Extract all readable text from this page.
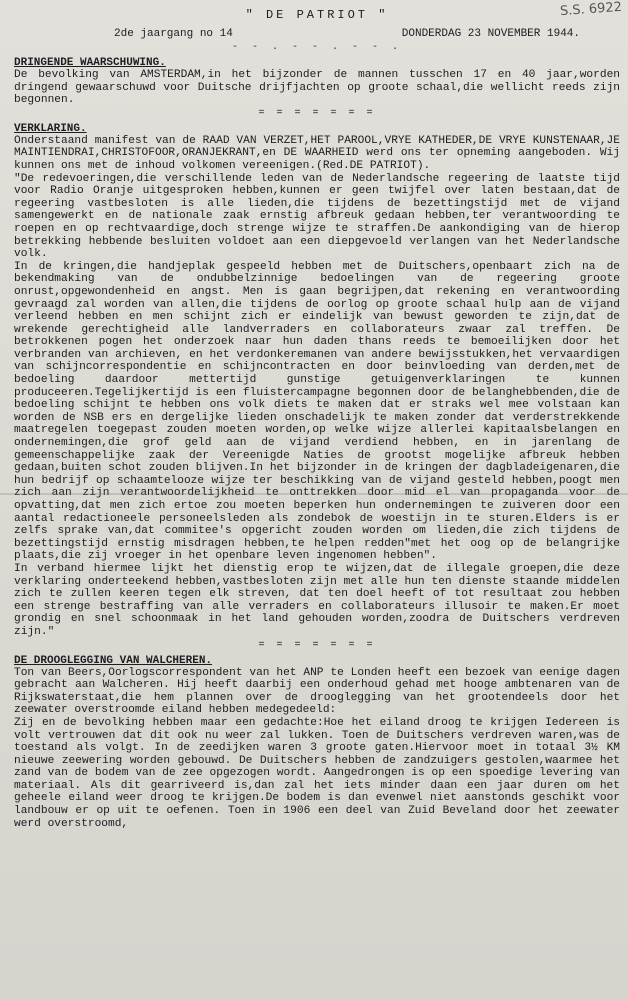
S.S. 6922
" DE PATRIOT "
2de jaargang no 14	DONDERDAG 23 NOVEMBER 1944.
- - . - - . - - .
DRINGENDE WAARSCHUWING.

De bevolking van AMSTERDAM,in het bijzonder de mannen tusschen 17 en 40 jaar,worden dringend gewaarschuwd voor Duitsche drijfjachten op groote schaal,die wellicht reeds zijn begonnen.

= = = = = = =
VERKLARING.

Onderstaand manifest van de RAAD VAN VERZET,HET PAROOL,VRYE KATHEDER,DE VRYE KUNSTENAAR,JE MAINTIENDRAI,CHRISTOFOOR,ORANJEKRANT,en DE WAARHEID werd ons ter opneming aangeboden. Wij kunnen ons met de inhoud volkomen vereenigen.(Red.DE PATRIOT).

"De redevoeringen,die verschillende leden van de Nederlandsche regeering de laatste tijd voor Radio Oranje uitgesproken hebben,kunnen er geen twijfel over laten bestaan,dat de regeering vastbesloten is alle lieden,die tijdens de bezettingstijd met de vijand samengewerkt en de nationale zaak ernstig afbreuk gedaan hebben,ter verantwoording te roepen en op rechtvaardige,doch strenge wijze te straffen.De aankondiging van de hierop betrekking hebbende besluiten voldoet aan een diepgevoeld verlangen van het Nederlandsche volk.

In de kringen,die handjeplak gespeeld hebben met de Duitschers,openbaart zich na de bekendmaking van de ondubbelzinnige bedoelingen van de regeering groote onrust,opgewondenheid en angst. Men is gaan begrijpen,dat rekening en verantwoording gevraagd zal worden van allen,die tijdens de oorlog op groote schaal hulp aan de vijand verleend hebben en men schijnt zich er eindelijk van bewust geworden te zijn,dat de wrekende gerechtigheid alle landverraders en collaborateurs zwaar zal treffen. De betrokkenen pogen het onderzoek naar hun daden thans reeds te bemoeilijken door het verbranden van archieven, en het verdonkeremanen van andere bewijsstukken,het vervaardigen van schijncorrespondentie en schijncontracten en door beinvloeding van derden,met de bedoeling daardoor mettertijd gunstige getuigenverklaringen te kunnen produceeren.Tegelijkertijd is een fluistercampagne begonnen door de belanghebbenden,die de bedoeling schijnt te hebben ons volk diets te maken dat er straks wel mee volstaan kan worden de NSB ers en dergelijke lieden onschadelijk te maken zonder dat verderstrekkende maatregelen toegepast zouden moeten worden,op welke wijze allerlei kapitaalsbelangen en ondernemingen,die grof geld aan de vijand verdiend hebben, en in jarenlang de gemeenschappelijke zaak der Vereenigde Naties de grootst mogelijke afbreuk hebben gedaan,buiten schot zouden blijven.In het bijzonder in de kringen der dagbladeigenaren,die hun bedrijf op schaamtelooze wijze ter beschikking van de vijand gesteld hebben,poogt men zich aan zijn verantwoordelijkheid te onttrekken door mid el van propaganda voor de opvatting,dat men zich ertoe zou moeten beperken hun ondernemingen te zuiveren door een aantal redactioneele personeelsleden als zondebok de woestijn in te sturen.Elders is er zelfs sprake van,dat commitee's opgericht zouden worden om lieden,die zich tijdens de bezettingstijd ernstig misdragen hebben,te helpen redden"met het oog op de belangrijke plaats,die zij vroeger in het openbare leven ingenomen hebben".

In verband hiermee lijkt het dienstig erop te wijzen,dat de illegale groepen,die deze verklaring onderteekend hebben,vastbesloten zijn met alle hun ten dienste staande middelen zich te zullen keeren tegen elk streven, dat ten doel heeft of tot resultaat zou hebben een strenge bestraffing van alle verraders en collaborateurs illusoir te maken.Er moet grondig en snel schoonmaak in het land gehouden worden,zoodra de Duitschers verdreven zijn."

= = = = = = =
DE DROOGLEGGING VAN WALCHEREN.

Ton van Beers,Oorlogscorrespondent van het ANP te Londen heeft een bezoek van eenige dagen gebracht aan Walcheren. Hij heeft daarbij een onderhoud gehad met hooge ambtenaren van de Rijkswaterstaat,die hem plannen over de drooglegging van het grootendeels door het zeewater overstroomde eiland hebben medegedeeld:

Zij en de bevolking hebben maar een gedachte:Hoe het eiland droog te krijgen Iedereen is volt vertrouwen dat dit ook nu weer zal lukken. Toen de Duitschers verdreven waren,was de toestand als volgt. In de zeedijken waren 3 groote gaten.Hiervoor moet in totaal 3½ KM nieuwe zeewering worden gebouwd. De Duitschers hebben de zandzuigers gestolen,waarmee het zand van de bodem van de zee opgezogen wordt. Aangedrongen is op een spoedige levering van materiaal. Als dit gearriveerd is,dan zal het iets minder daan een jaar duren om het geheele eiland weer droog te krijgen.De bodem is dan evenwel niet aanstonds geschikt voor landbouw er op uit te oefenen. Toen in 1906 een deel van Zuid Beveland door het zeewater werd overstroomd,
